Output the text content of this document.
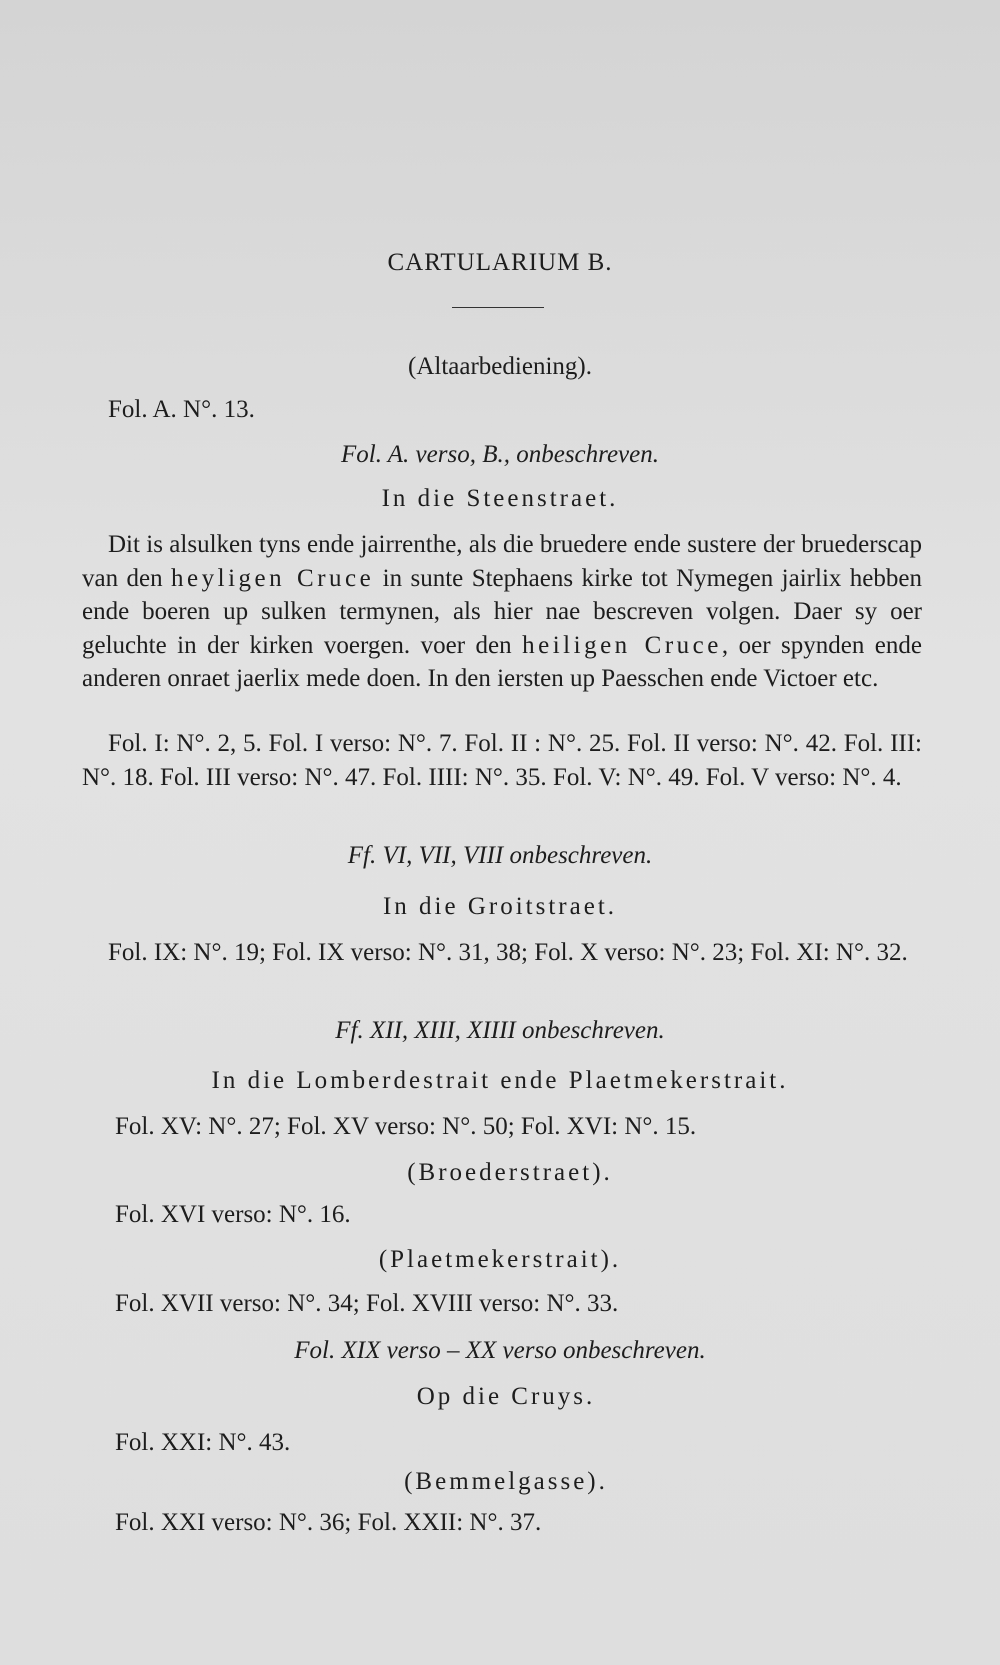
CARTULARIUM B.
(Altaarbediening).
Fol. A. N°. 13.
Fol. A. verso, B., onbeschreven.
In die Steenstraet.
Dit is alsulken tyns ende jairrenthe, als die bruedere ende sustere der bruederscap van den heyligen Cruce in sunte Stephaens kirke tot Nymegen jairlix hebben ende boeren up sulken termynen, als hier nae bescreven volgen. Daer sy oer geluchte in der kirken voergen. voer den heiligen Cruce, oer spynden ende anderen onraet jaerlix mede doen. In den iersten up Paesschen ende Victoer etc.
Fol. I: N°. 2, 5. Fol. I verso: N°. 7. Fol. II : N°. 25. Fol. II verso: N°. 42. Fol. III: N°. 18. Fol. III verso: N°. 47. Fol. IIII: N°. 35. Fol. V: N°. 49. Fol. V verso: N°. 4.
Ff. VI, VII, VIII onbeschreven.
In die Groitstraet.
Fol. IX: N°. 19; Fol. IX verso: N°. 31, 38; Fol. X verso: N°. 23; Fol. XI: N°. 32.
Ff. XII, XIII, XIIII onbeschreven.
In die Lomberdestrait ende Plaetmekerstrait.
Fol. XV: N°. 27; Fol. XV verso: N°. 50; Fol. XVI: N°. 15.
(Broederstraet).
Fol. XVI verso: N°. 16.
(Plaetmekerstrait).
Fol. XVII verso: N°. 34; Fol. XVIII verso: N°. 33.
Fol. XIX verso – XX verso onbeschreven.
Op die Cruys.
Fol. XXI: N°. 43.
(Bemmelgasse).
Fol. XXI verso: N°. 36; Fol. XXII: N°. 37.
